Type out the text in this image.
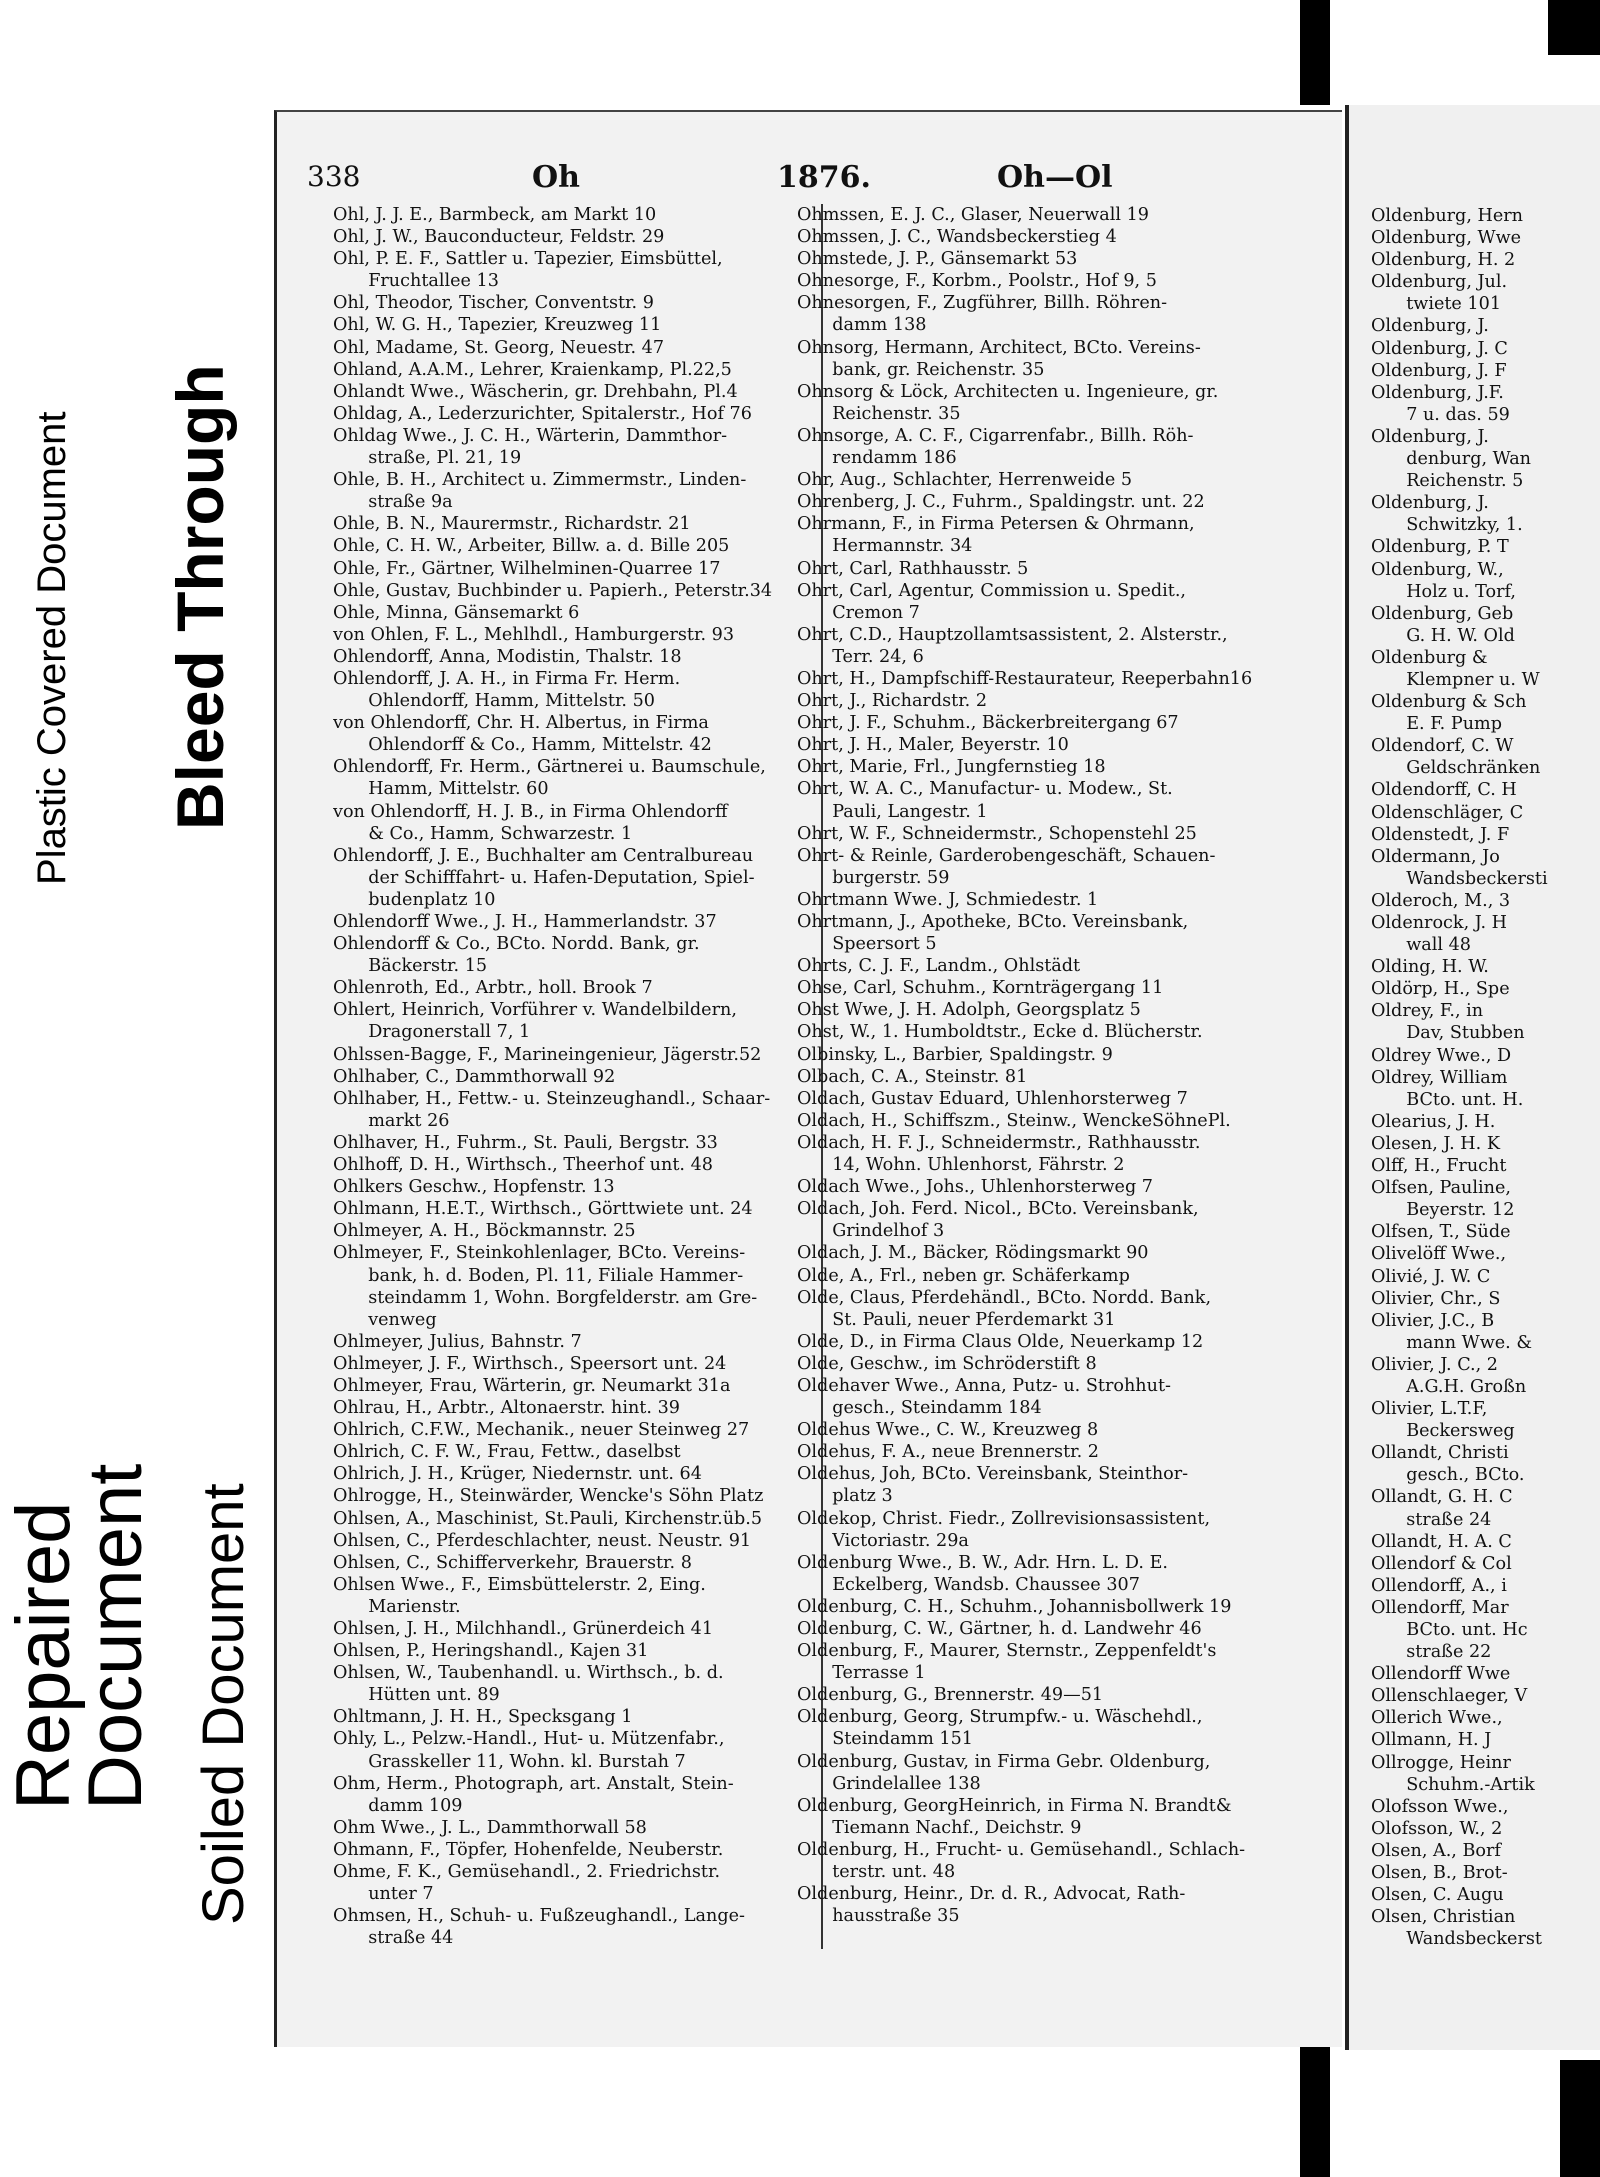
Plastic Covered Document Bleed Through
Repaired
Document Soiled Document
338	Oh	1876.	Oh—Ol
Ohl, J. J. E., Barmbeck, am Markt 10
Ohl, J. W., Bauconducteur, Feldstr. 29
Ohl, P. E. F., Sattler u. Tapezier, Eimsbüttel,
  Fruchtallee 13
Ohl, Theodor, Tischer, Conventstr. 9
Ohl, W. G. H., Tapezier, Kreuzweg 11
Ohl, Madame, St. Georg, Neuestr. 47
Ohland, A.A.M., Lehrer, Kraienkamp, Pl.22,5
Ohlandt Wwe., Wäscherin, gr. Drehbahn, Pl.4
Ohldag, A., Lederzurichter, Spitalerstr., Hof 76
Ohldag Wwe., J. C. H., Wärterin, Dammthor-
  straße, Pl. 21, 19
Ohle, B. H., Architect u. Zimmermstr., Linden-
  straße 9a
Ohle, B. N., Maurermstr., Richardstr. 21
Ohle, C. H. W., Arbeiter, Billw. a. d. Bille 205
Ohle, Fr., Gärtner, Wilhelminen-Quarree 17
Ohle, Gustav, Buchbinder u. Papierh., Peterstr.34
Ohle, Minna, Gänsemarkt 6
von Ohlen, F. L., Mehlhdl., Hamburgerstr. 93
Ohlendorff, Anna, Modistin, Thalstr. 18
Ohlendorff, J. A. H., in Firma Fr. Herm.
  Ohlendorff, Hamm, Mittelstr. 50
von Ohlendorff, Chr. H. Albertus, in Firma
  Ohlendorff & Co., Hamm, Mittelstr. 42
Ohlendorff, Fr. Herm., Gärtnerei u. Baumschule,
  Hamm, Mittelstr. 60
von Ohlendorff, H. J. B., in Firma Ohlendorff
  & Co., Hamm, Schwarzestr. 1
Ohlendorff, J. E., Buchhalter am Centralbureau
  der Schifffahrt- u. Hafen-Deputation, Spiel-
  budenplatz 10
Ohlendorff Wwe., J. H., Hammerlandstr. 37
Ohlendorff & Co., BCto. Nordd. Bank, gr.
  Bäckerstr. 15
Ohlenroth, Ed., Arbtr., holl. Brook 7
Ohlert, Heinrich, Vorführer v. Wandelbildern,
  Dragonerstall 7, 1
Ohlssen-Bagge, F., Marineingenieur, Jägerstr.52
Ohlhaber, C., Dammthorwall 92
Ohlhaber, H., Fettw.- u. Steinzeughandl., Schaar-
  markt 26
Ohlhaver, H., Fuhrm., St. Pauli, Bergstr. 33
Ohlhoff, D. H., Wirthsch., Theerhof unt. 48
Ohlkers Geschw., Hopfenstr. 13
Ohlmann, H.E.T., Wirthsch., Görttwiete unt. 24
Ohlmeyer, A. H., Böckmannstr. 25
Ohlmeyer, F., Steinkohlenlager, BCto. Vereins-
  bank, h. d. Boden, Pl. 11, Filiale Hammer-
  steindamm 1, Wohn. Borgfelderstr. am Gre-
  venweg
Ohlmeyer, Julius, Bahnstr. 7
Ohlmeyer, J. F., Wirthsch., Speersort unt. 24
Ohlmeyer, Frau, Wärterin, gr. Neumarkt 31a
Ohlrau, H., Arbtr., Altonaerstr. hint. 39
Ohlrich, C.F.W., Mechanik., neuer Steinweg 27
Ohlrich, C. F. W., Frau, Fettw., daselbst
Ohlrich, J. H., Krüger, Niedernstr. unt. 64
Ohlrogge, H., Steinwärder, Wencke's Söhn Platz
Ohlsen, A., Maschinist, St.Pauli, Kirchenstr.üb.5
Ohlsen, C., Pferdeschlachter, neust. Neustr. 91
Ohlsen, C., Schifferverkehr, Brauerstr. 8
Ohlsen Wwe., F., Eimsbüttelerstr. 2, Eing.
  Marienstr.
Ohlsen, J. H., Milchhandl., Grünerdeich 41
Ohlsen, P., Heringshandl., Kajen 31
Ohlsen, W., Taubenhandl. u. Wirthsch., b. d.
  Hütten unt. 89
Ohltmann, J. H. H., Specksgang 1
Ohly, L., Pelzw.-Handl., Hut- u. Mützenfabr.,
  Grasskeller 11, Wohn. kl. Burstah 7
Ohm, Herm., Photograph, art. Anstalt, Stein-
  damm 109
Ohm Wwe., J. L., Dammthorwall 58
Ohmann, F., Töpfer, Hohenfelde, Neuberstr.
Ohme, F. K., Gemüsehandl., 2. Friedrichstr.
  unter 7
Ohmsen, H., Schuh- u. Fußzeughandl., Lange-
  straße 44
Ohmssen, E. J. C., Glaser, Neuerwall 19
Ohmssen, J. C., Wandsbeckerstieg 4
Ohmstede, J. P., Gänsemarkt 53
Ohnesorge, F., Korbm., Poolstr., Hof 9, 5
Ohnesorgen, F., Zugführer, Billh. Röhren-
  damm 138
Ohnsorg, Hermann, Architect, BCto. Vereins-
  bank, gr. Reichenstr. 35
Ohnsorg & Löck, Architecten u. Ingenieure, gr.
  Reichenstr. 35
Ohnsorge, A. C. F., Cigarrenfabr., Billh. Röh-
  rendamm 186
Ohr, Aug., Schlachter, Herrenweide 5
Ohrenberg, J. C., Fuhrm., Spaldingstr. unt. 22
Ohrmann, F., in Firma Petersen & Ohrmann,
  Hermannstr. 34
Ohrt, Carl, Rathhausstr. 5
Ohrt, Carl, Agentur, Commission u. Spedit.,
  Cremon 7
Ohrt, C.D., Hauptzollamtsassistent, 2. Alsterstr.,
  Terr. 24, 6
Ohrt, H., Dampfschiff-Restaurateur, Reeperbahn16
Ohrt, J., Richardstr. 2
Ohrt, J. F., Schuhm., Bäckerbreitergang 67
Ohrt, J. H., Maler, Beyerstr. 10
Ohrt, Marie, Frl., Jungfernstieg 18
Ohrt, W. A. C., Manufactur- u. Modew., St.
  Pauli, Langestr. 1
Ohrt, W. F., Schneidermstr., Schopenstehl 25
Ohrt- & Reinle, Garderobengeschäft, Schauen-
  burgerstr. 59
Ohrtmann Wwe. J, Schmiedestr. 1
Ohrtmann, J., Apotheke, BCto. Vereinsbank,
  Speersort 5
Ohrts, C. J. F., Landm., Ohlstädt
Ohse, Carl, Schuhm., Kornträgergang 11
Ohst Wwe, J. H. Adolph, Georgsplatz 5
Ohst, W., 1. Humboldtstr., Ecke d. Blücherstr.
Olbinsky, L., Barbier, Spaldingstr. 9
Olbach, C. A., Steinstr. 81
Oldach, Gustav Eduard, Uhlenhorsterweg 7
Oldach, H., Schiffszm., Steinw., WenckeSöhnePl.
Oldach, H. F. J., Schneidermstr., Rathhausstr.
  14, Wohn. Uhlenhorst, Fährstr. 2
Oldach Wwe., Johs., Uhlenhorsterweg 7
Oldach, Joh. Ferd. Nicol., BCto. Vereinsbank,
  Grindelhof 3
Oldach, J. M., Bäcker, Rödingsmarkt 90
Olde, A., Frl., neben gr. Schäferkamp
Olde, Claus, Pferdehändl., BCto. Nordd. Bank,
  St. Pauli, neuer Pferdemarkt 31
Olde, D., in Firma Claus Olde, Neuerkamp 12
Olde, Geschw., im Schröderstift 8
Oldehaver Wwe., Anna, Putz- u. Strohhut-
  gesch., Steindamm 184
Oldehus Wwe., C. W., Kreuzweg 8
Oldehus, F. A., neue Brennerstr. 2
Oldehus, Joh, BCto. Vereinsbank, Steinthor-
  platz 3
Oldekop, Christ. Fiedr., Zollrevisionsassistent,
  Victoriastr. 29a
Oldenburg Wwe., B. W., Adr. Hrn. L. D. E.
  Eckelberg, Wandsb. Chaussee 307
Oldenburg, C. H., Schuhm., Johannisbollwerk 19
Oldenburg, C. W., Gärtner, h. d. Landwehr 46
Oldenburg, F., Maurer, Sternstr., Zeppenfeldt's
  Terrasse 1
Oldenburg, G., Brennerstr. 49—51
Oldenburg, Georg, Strumpfw.- u. Wäschehdl.,
  Steindamm 151
Oldenburg, Gustav, in Firma Gebr. Oldenburg,
  Grindelallee 138
Oldenburg, GeorgHeinrich, in Firma N. Brandt&
  Tiemann Nachf., Deichstr. 9
Oldenburg, H., Frucht- u. Gemüsehandl., Schlach-
  terstr. unt. 48
Oldenburg, Heinr., Dr. d. R., Advocat, Rath-
  hausstraße 35
Oldenburg, Hern
Oldenburg, Wwe
Oldenburg, H. 2
Oldenburg, Jul.
  twiete 101
Oldenburg, J.
Oldenburg, J. C
Oldenburg, J. F
Oldenburg, J.F.
  7 u. das. 59
Oldenburg, J.
  denburg, Wan
  Reichenstr. 5
Oldenburg, J.
  Schwitzky, 1.
Oldenburg, P. T
Oldenburg, W.,
  Holz u. Torf,
Oldenburg, Geb
  G. H. W. Old
Oldenburg &
  Klempner u. W
Oldenburg & Sch
  E. F. Pump
Oldendorf, C. W
  Geldschränken
Oldendorff, C. H
Oldenschläger, C
Oldenstedt, J. F
Oldermann, Jo
  Wandsbeckersti
Olderoch, M., 3
Oldenrock, J. H
  wall 48
Olding, H. W.
Oldörp, H., Spe
Oldrey, F., in
  Dav, Stubben
Oldrey Wwe., D
Oldrey, William
  BCto. unt. H.
Olearius, J. H.
Olesen, J. H. K
Olff, H., Frucht
Olfsen, Pauline,
  Beyerstr. 12
Olfsen, T., Süde
Olivelöff Wwe.,
Olivié, J. W. C
Olivier, Chr., S
Olivier, J.C., B
  mann Wwe. &
Olivier, J. C., 2
  A.G.H. Großn
Olivier, L.T.F,
  Beckersweg
Ollandt, Christi
  gesch., BCto.
Ollandt, G. H. C
  straße 24
Ollandt, H. A. C
Ollendorf & Col
Ollendorff, A., i
Ollendorff, Mar
  BCto. unt. Hc
  straße 22
Ollendorff Wwe
Ollenschlaeger, V
Ollerich Wwe.,
Ollmann, H. J
Ollrogge, Heinr
  Schuhm.-Artik
Olofsson Wwe.,
Olofsson, W., 2
Olsen, A., Borf
Olsen, B., Brot-
Olsen, C. Augu
Olsen, Christian
  Wandsbeckerst
